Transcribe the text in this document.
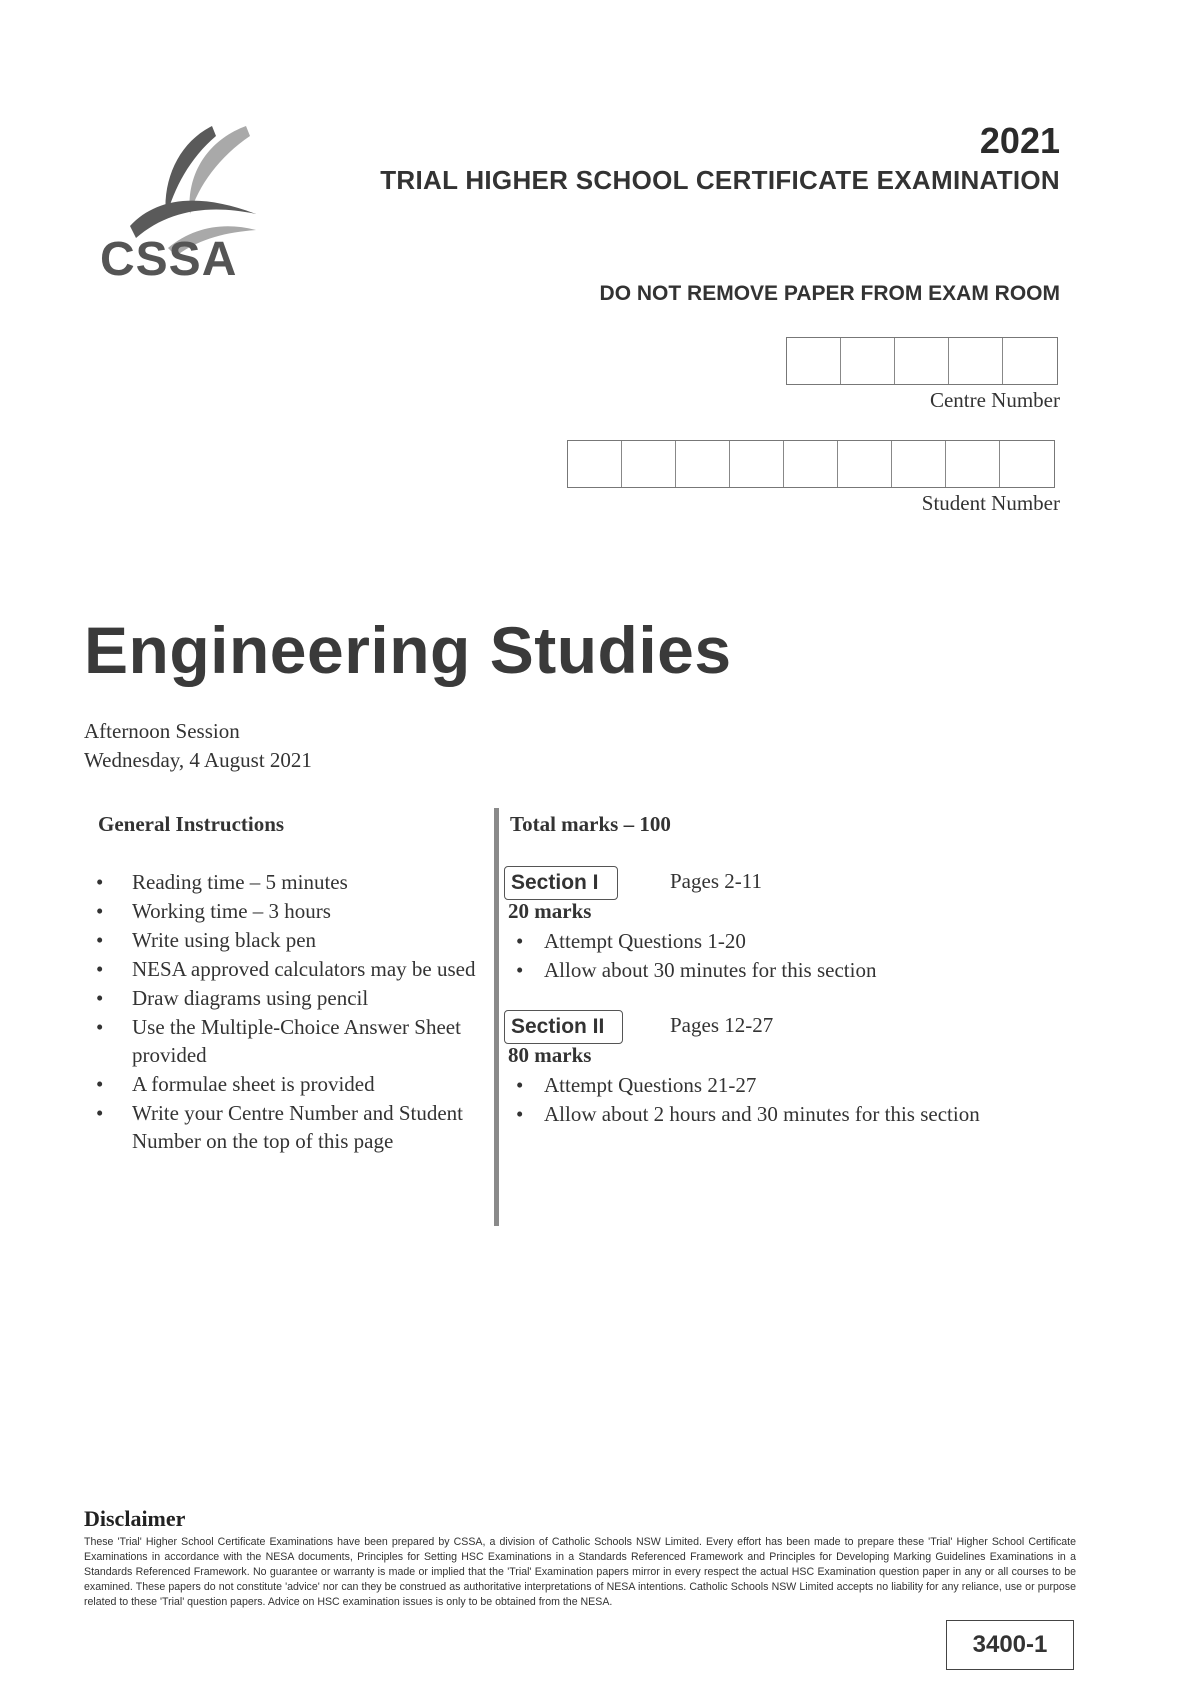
CSSA
2021
TRIAL HIGHER SCHOOL CERTIFICATE EXAMINATION
DO NOT REMOVE PAPER FROM EXAM ROOM
Centre Number
Student Number
Engineering Studies
Afternoon Session
Wednesday, 4 August 2021
General Instructions
• Reading time – 5 minutes
• Working time – 3 hours
• Write using black pen
• NESA approved calculators may be used
• Draw diagrams using pencil
• Use the Multiple-Choice Answer Sheet provided
• A formulae sheet is provided
• Write your Centre Number and Student Number on the top of this page
Total marks – 100
Section I	Pages 2-11
20 marks
• Attempt Questions 1-20
• Allow about 30 minutes for this section
Section II	Pages 12-27
80 marks
• Attempt Questions 21-27
• Allow about 2 hours and 30 minutes for this section
Disclaimer
These 'Trial' Higher School Certificate Examinations have been prepared by CSSA, a division of Catholic Schools NSW Limited. Every effort has been made to prepare these 'Trial' Higher School Certificate Examinations in accordance with the NESA documents, Principles for Setting HSC Examinations in a Standards Referenced Framework and Principles for Developing Marking Guidelines Examinations in a Standards Referenced Framework. No guarantee or warranty is made or implied that the 'Trial' Examination papers mirror in every respect the actual HSC Examination question paper in any or all courses to be examined. These papers do not constitute 'advice' nor can they be construed as authoritative interpretations of NESA intentions. Catholic Schools NSW Limited accepts no liability for any reliance, use or purpose related to these 'Trial' question papers. Advice on HSC examination issues is only to be obtained from the NESA.
3400-1
